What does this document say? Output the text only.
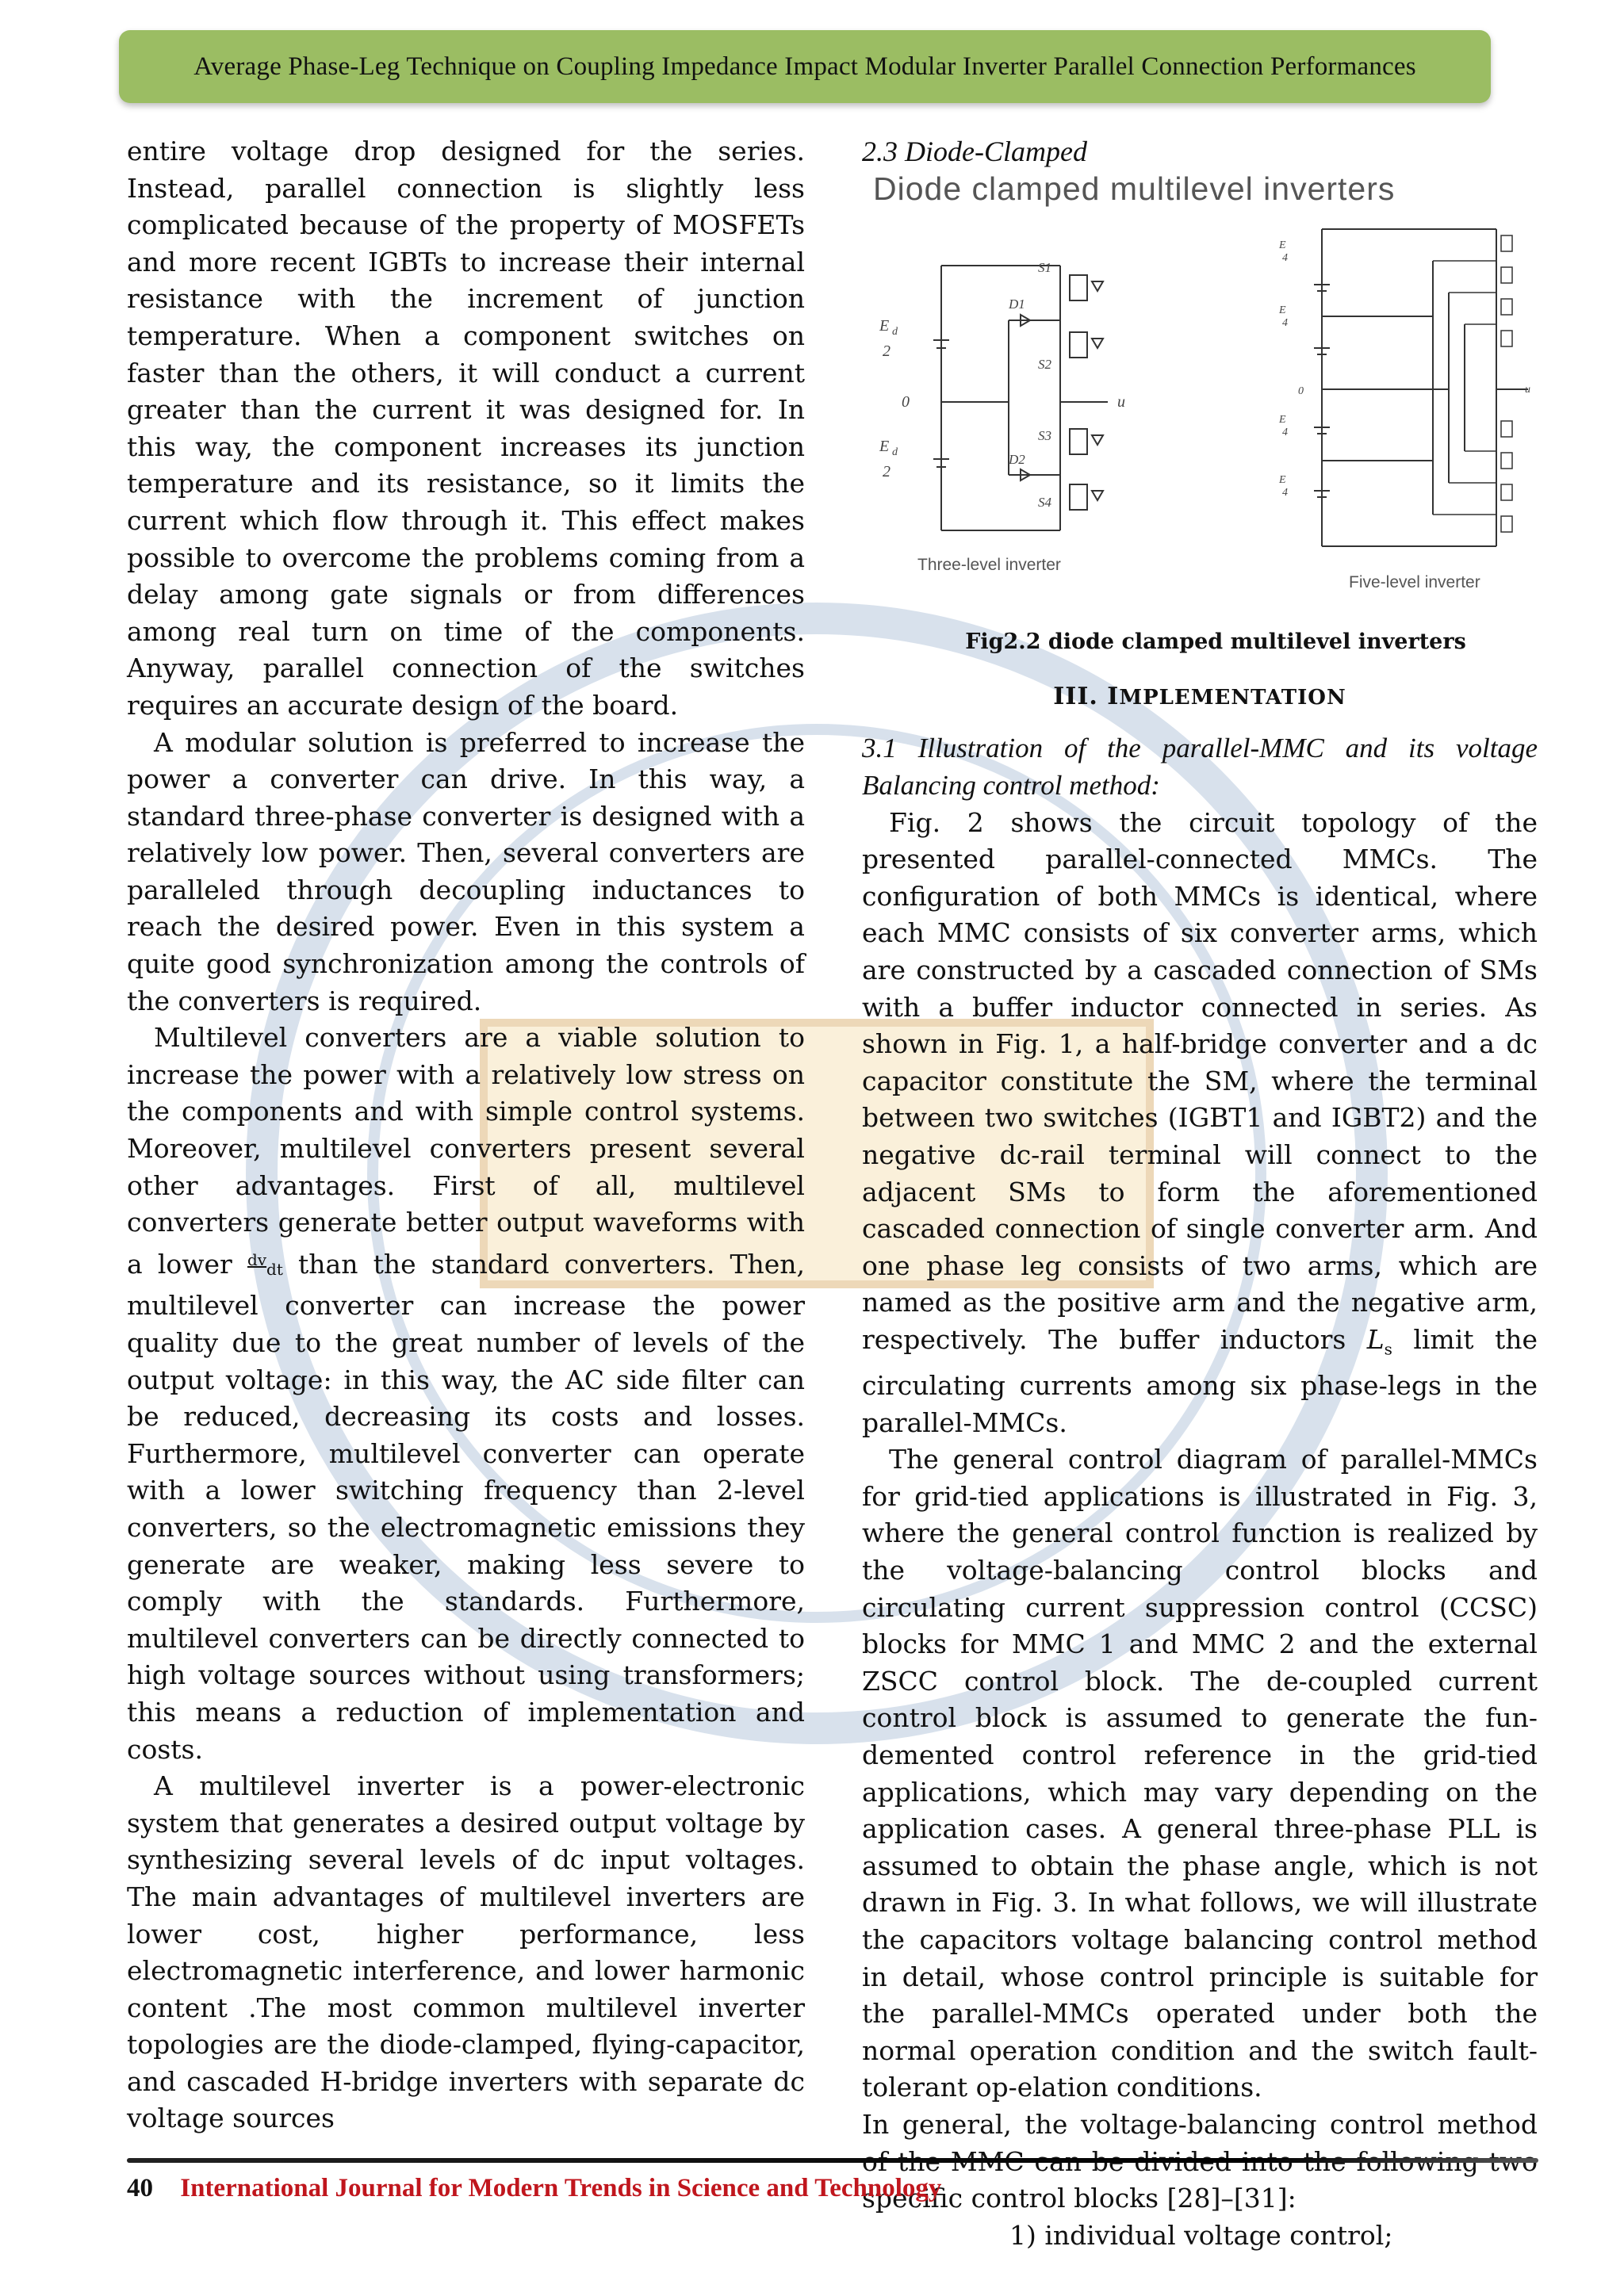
Average Phase-Leg Technique on Coupling Impedance Impact Modular Inverter Parallel Connection Performances

entire voltage drop designed for the series. Instead, parallel connection is slightly less complicated because of the property of MOSFETs and more recent IGBTs to increase their internal resistance with the increment of junction temperature. When a component switches on faster than the others, it will conduct a current greater than the current it was designed for. In this way, the component increases its junction temperature and its resistance, so it limits the current which flow through it. This effect makes possible to overcome the problems coming from a delay among gate signals or from differences among real turn on time of the components. Anyway, parallel connection of the switches requires an accurate design of the board.

A modular solution is preferred to increase the power a converter can drive. In this way, a standard three-phase converter is designed with a relatively low power. Then, several converters are paralleled through decoupling inductances to reach the desired power. Even in this system a quite good synchronization among the controls of the converters is required.

Multilevel converters are a viable solution to increase the power with a relatively low stress on the components and with simple control systems. Moreover, multilevel converters present several other advantages. First of all, multilevel converters generate better output waveforms with a lower $^{dv}$dt than the standard converters. Then, multilevel converter can increase the power quality due to the great number of levels of the output voltage: in this way, the AC side filter can be reduced, decreasing its costs and losses. Furthermore, multilevel converter can operate with a lower switching frequency than 2-level converters, so the electromagnetic emissions they generate are weaker, making less severe to comply with the standards. Furthermore, multilevel converters can be directly connected to high voltage sources without using transformers; this means a reduction of implementation and costs.

A multilevel inverter is a power-electronic system that generates a desired output voltage by synthesizing several levels of dc input voltages. The main advantages of multilevel inverters are lower cost, higher performance, less electromagnetic interference, and lower harmonic content .The most common multilevel inverter topologies are the diode-clamped, flying-capacitor, and cascaded H-bridge inverters with separate dc voltage sources

2.3 Diode-Clamped
Diode clamped multilevel inverters
E d
2
0
E d
2
u
S1
S2
S3
S4
D1
D2
Three-level inverter
E
4
E
4
0
E
4
E
4
u
Five-level inverter
Fig2.2 diode clamped multilevel inverters
III. IMPLEMENTATION

3.1 Illustration of the parallel-MMC and its voltage Balancing control method:

Fig. 2 shows the circuit topology of the presented parallel-connected MMCs. The configuration of both MMCs is identical, where each MMC consists of six converter arms, which are constructed by a cascaded connection of SMs with a buffer inductor connected in series. As shown in Fig. 1, a half-bridge converter and a dc capacitor constitute the SM, where the terminal between two switches (IGBT1 and IGBT2) and the negative dc-rail terminal will connect to the adjacent SMs to form the aforementioned cascaded connection of single converter arm. And one phase leg consists of two arms, which are named as the positive arm and the negative arm, respectively. The buffer inductors $L_s$ limit the circulating currents among six phase-legs in the parallel-MMCs.

The general control diagram of parallel-MMCs for grid-tied applications is illustrated in Fig. 3, where the general control function is realized by the voltage-balancing control blocks and circulating current suppression control (CCSC) blocks for MMC 1 and MMC 2 and the external ZSCC control block. The de-coupled current control block is assumed to generate the fun-demented control reference in the grid-tied applications, which may vary depending on the application cases. A general three-phase PLL is assumed to obtain the phase angle, which is not drawn in Fig. 3. In what follows, we will illustrate the capacitors voltage balancing control method in detail, whose control principle is suitable for the parallel-MMCs operated under both the normal operation condition and the switch fault-tolerant op-elation conditions.

In general, the voltage-balancing control method specific control blocks [28]–[31]:

1) individual voltage control;

40 International Journal for Modern Trends in Science and Technology
